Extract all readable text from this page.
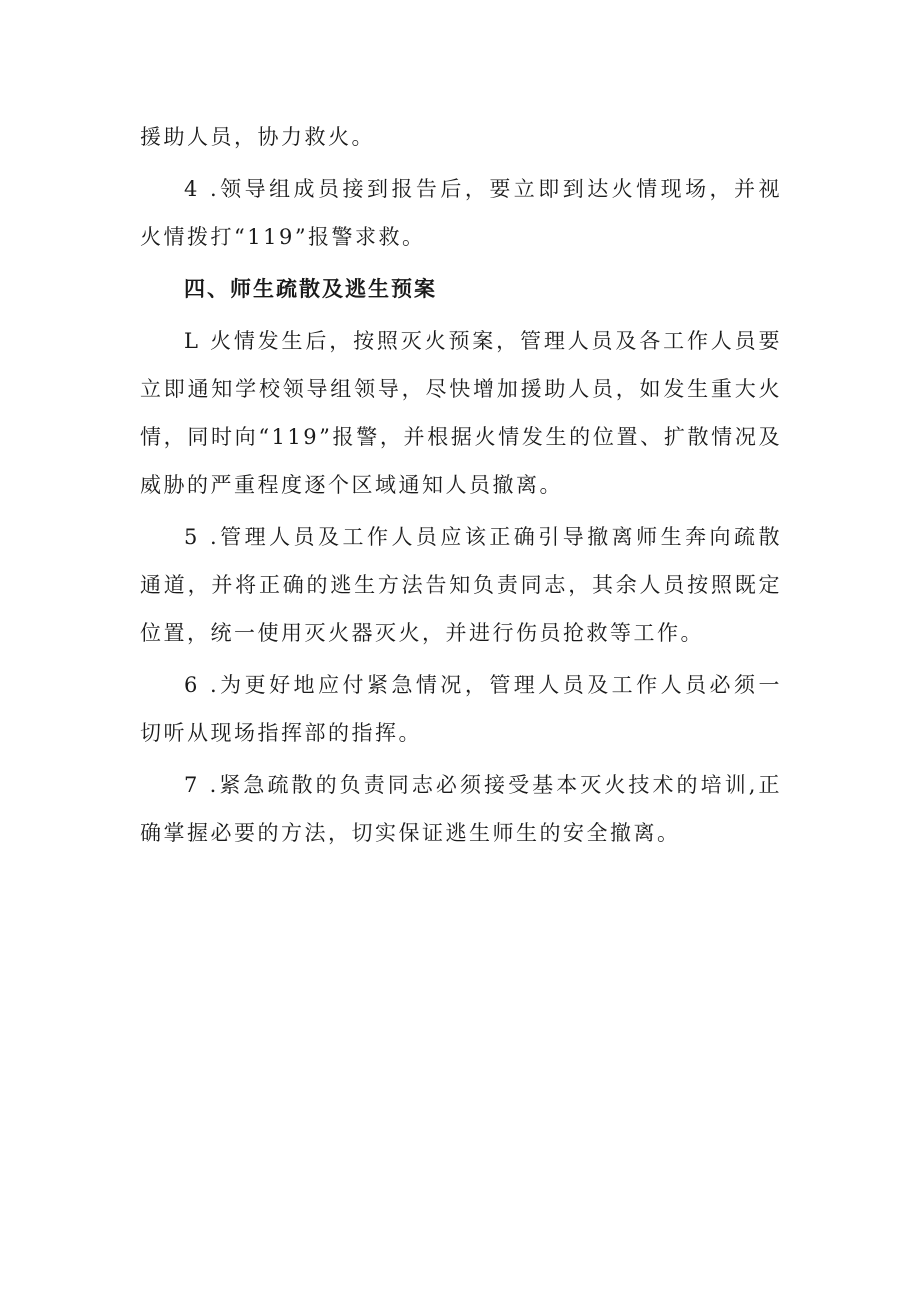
援助人员，协力救火。

4 .领导组成员接到报告后，要立即到达火情现场，并视火情拨打“119”报警求救。

四、师生疏散及逃生预案

L 火情发生后，按照灭火预案，管理人员及各工作人员要立即通知学校领导组领导，尽快增加援助人员，如发生重大火情，同时向“119”报警，并根据火情发生的位置、扩散情况及威胁的严重程度逐个区域通知人员撤离。

5 .管理人员及工作人员应该正确引导撤离师生奔向疏散通道，并将正确的逃生方法告知负责同志，其余人员按照既定位置，统一使用灭火器灭火，并进行伤员抢救等工作。

6 .为更好地应付紧急情况，管理人员及工作人员必须一切听从现场指挥部的指挥。

7 .紧急疏散的负责同志必须接受基本灭火技术的培训,正确掌握必要的方法，切实保证逃生师生的安全撤离。
